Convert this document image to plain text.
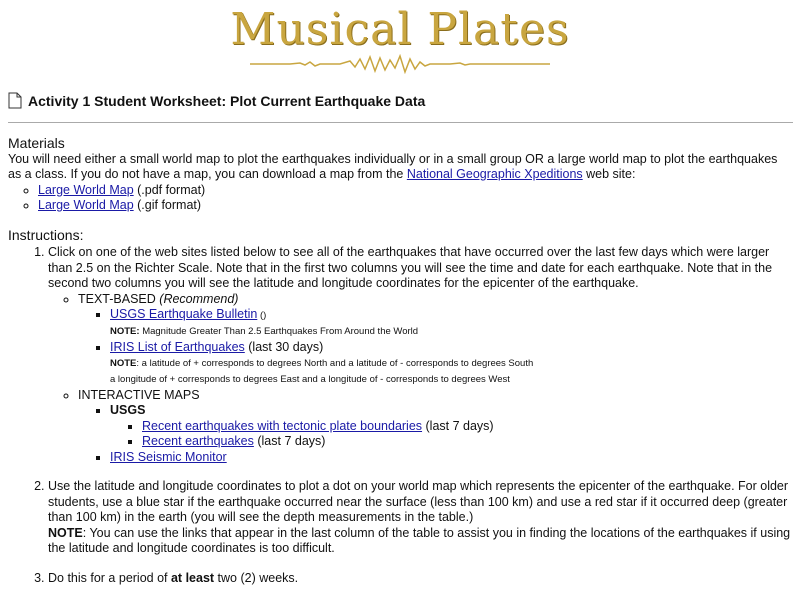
Musical Plates
Activity 1 Student Worksheet: Plot Current Earthquake Data
Materials
You will need either a small world map to plot the earthquakes individually or in a small group OR a large world map to plot the earthquakes as a class. If you do not have a map, you can download a map from the National Geographic Xpeditions web site:
◦ Large World Map (.pdf format)
◦ Large World Map (.gif format)
Instructions:
1. Click on one of the web sites listed below to see all of the earthquakes that have occurred over the last few days which were larger than 2.5 on the Richter Scale. Note that in the first two columns you will see the time and date for each earthquake. Note that in the second two columns you will see the latitude and longitude coordinates for the epicenter of the earthquake.
◦ TEXT-BASED (Recommend)
▪ USGS Earthquake Bulletin ()
NOTE: Magnitude Greater Than 2.5 Earthquakes From Around the World
▪ IRIS List of Earthquakes (last 30 days)
NOTE: a latitude of + corresponds to degrees North and a latitude of - corresponds to degrees South
a longitude of + corresponds to degrees East and a longitude of - corresponds to degrees West
◦ INTERACTIVE MAPS
▪ USGS
▪ Recent earthquakes with tectonic plate boundaries (last 7 days)
▪ Recent earthquakes (last 7 days)
▪ IRIS Seismic Monitor
2. Use the latitude and longitude coordinates to plot a dot on your world map which represents the epicenter of the earthquake. For older students, use a blue star if the earthquake occurred near the surface (less than 100 km) and use a red star if it occurred deep (greater than 100 km) in the earth (you will see the depth measurements in the table.)
NOTE: You can use the links that appear in the last column of the table to assist you in finding the locations of the earthquakes if using the latitude and longitude coordinates is too difficult.
3. Do this for a period of at least two (2) weeks.
